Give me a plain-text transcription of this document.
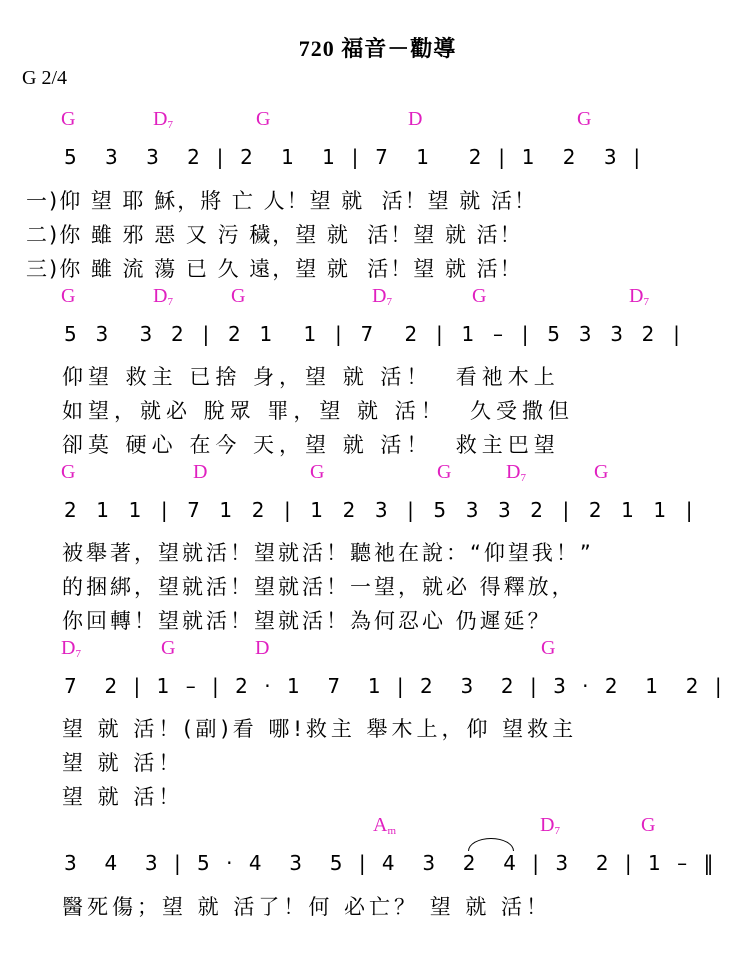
720 福音－勸導
G 2/4
G	$D_7$	G	D	G
5  3  3  2 | 2  1  1 | 7  1   2 | 1  2  3 |
一)仰 望 耶 穌，將 亡 人！望 就  活！望 就 活！
二)你 雖 邪 惡 又 污 穢，望 就  活！望 就 活！
三)你 雖 流 蕩 已 久 遠，望 就  活！望 就 活！
G	$D_7$	G	$D_7$	G	$D_7$
5 3  3 2 | 2 1  1 | 7  2 | 1 – | 5 3 3 2 |
仰望 救主 已捨 身，望 就 活！  看祂木上
如望，就必 脫眾 罪，望 就 活！  久受撒但
卻莫 硬心 在今 天，望 就 活！  救主巴望
G	D	G	G	$D_7$	G
2 1 1 | 7 1 2 | 1 2 3 | 5 3 3 2 | 2 1 1 |
被舉著，望就活！望就活！聽祂在說：“仰望我！”
的捆綁，望就活！望就活！一望，就必 得釋放，
你回轉！望就活！望就活！為何忍心 仍遲延？
$D_7$	G	D	G
7  2 | 1 – | 2 · 1  7  1 | 2  3  2 | 3 · 2  1  2 |
望 就 活！(副)看 哪!救主 舉木上，仰 望救主
望 就 活！
望 就 活！
$A_m$	$D_7$	G
3  4  3 | 5 · 4  3  5 | 4  3  2  4 | 3  2 | 1 – ‖
醫死傷；望 就 活了！何 必亡？ 望 就 活！
